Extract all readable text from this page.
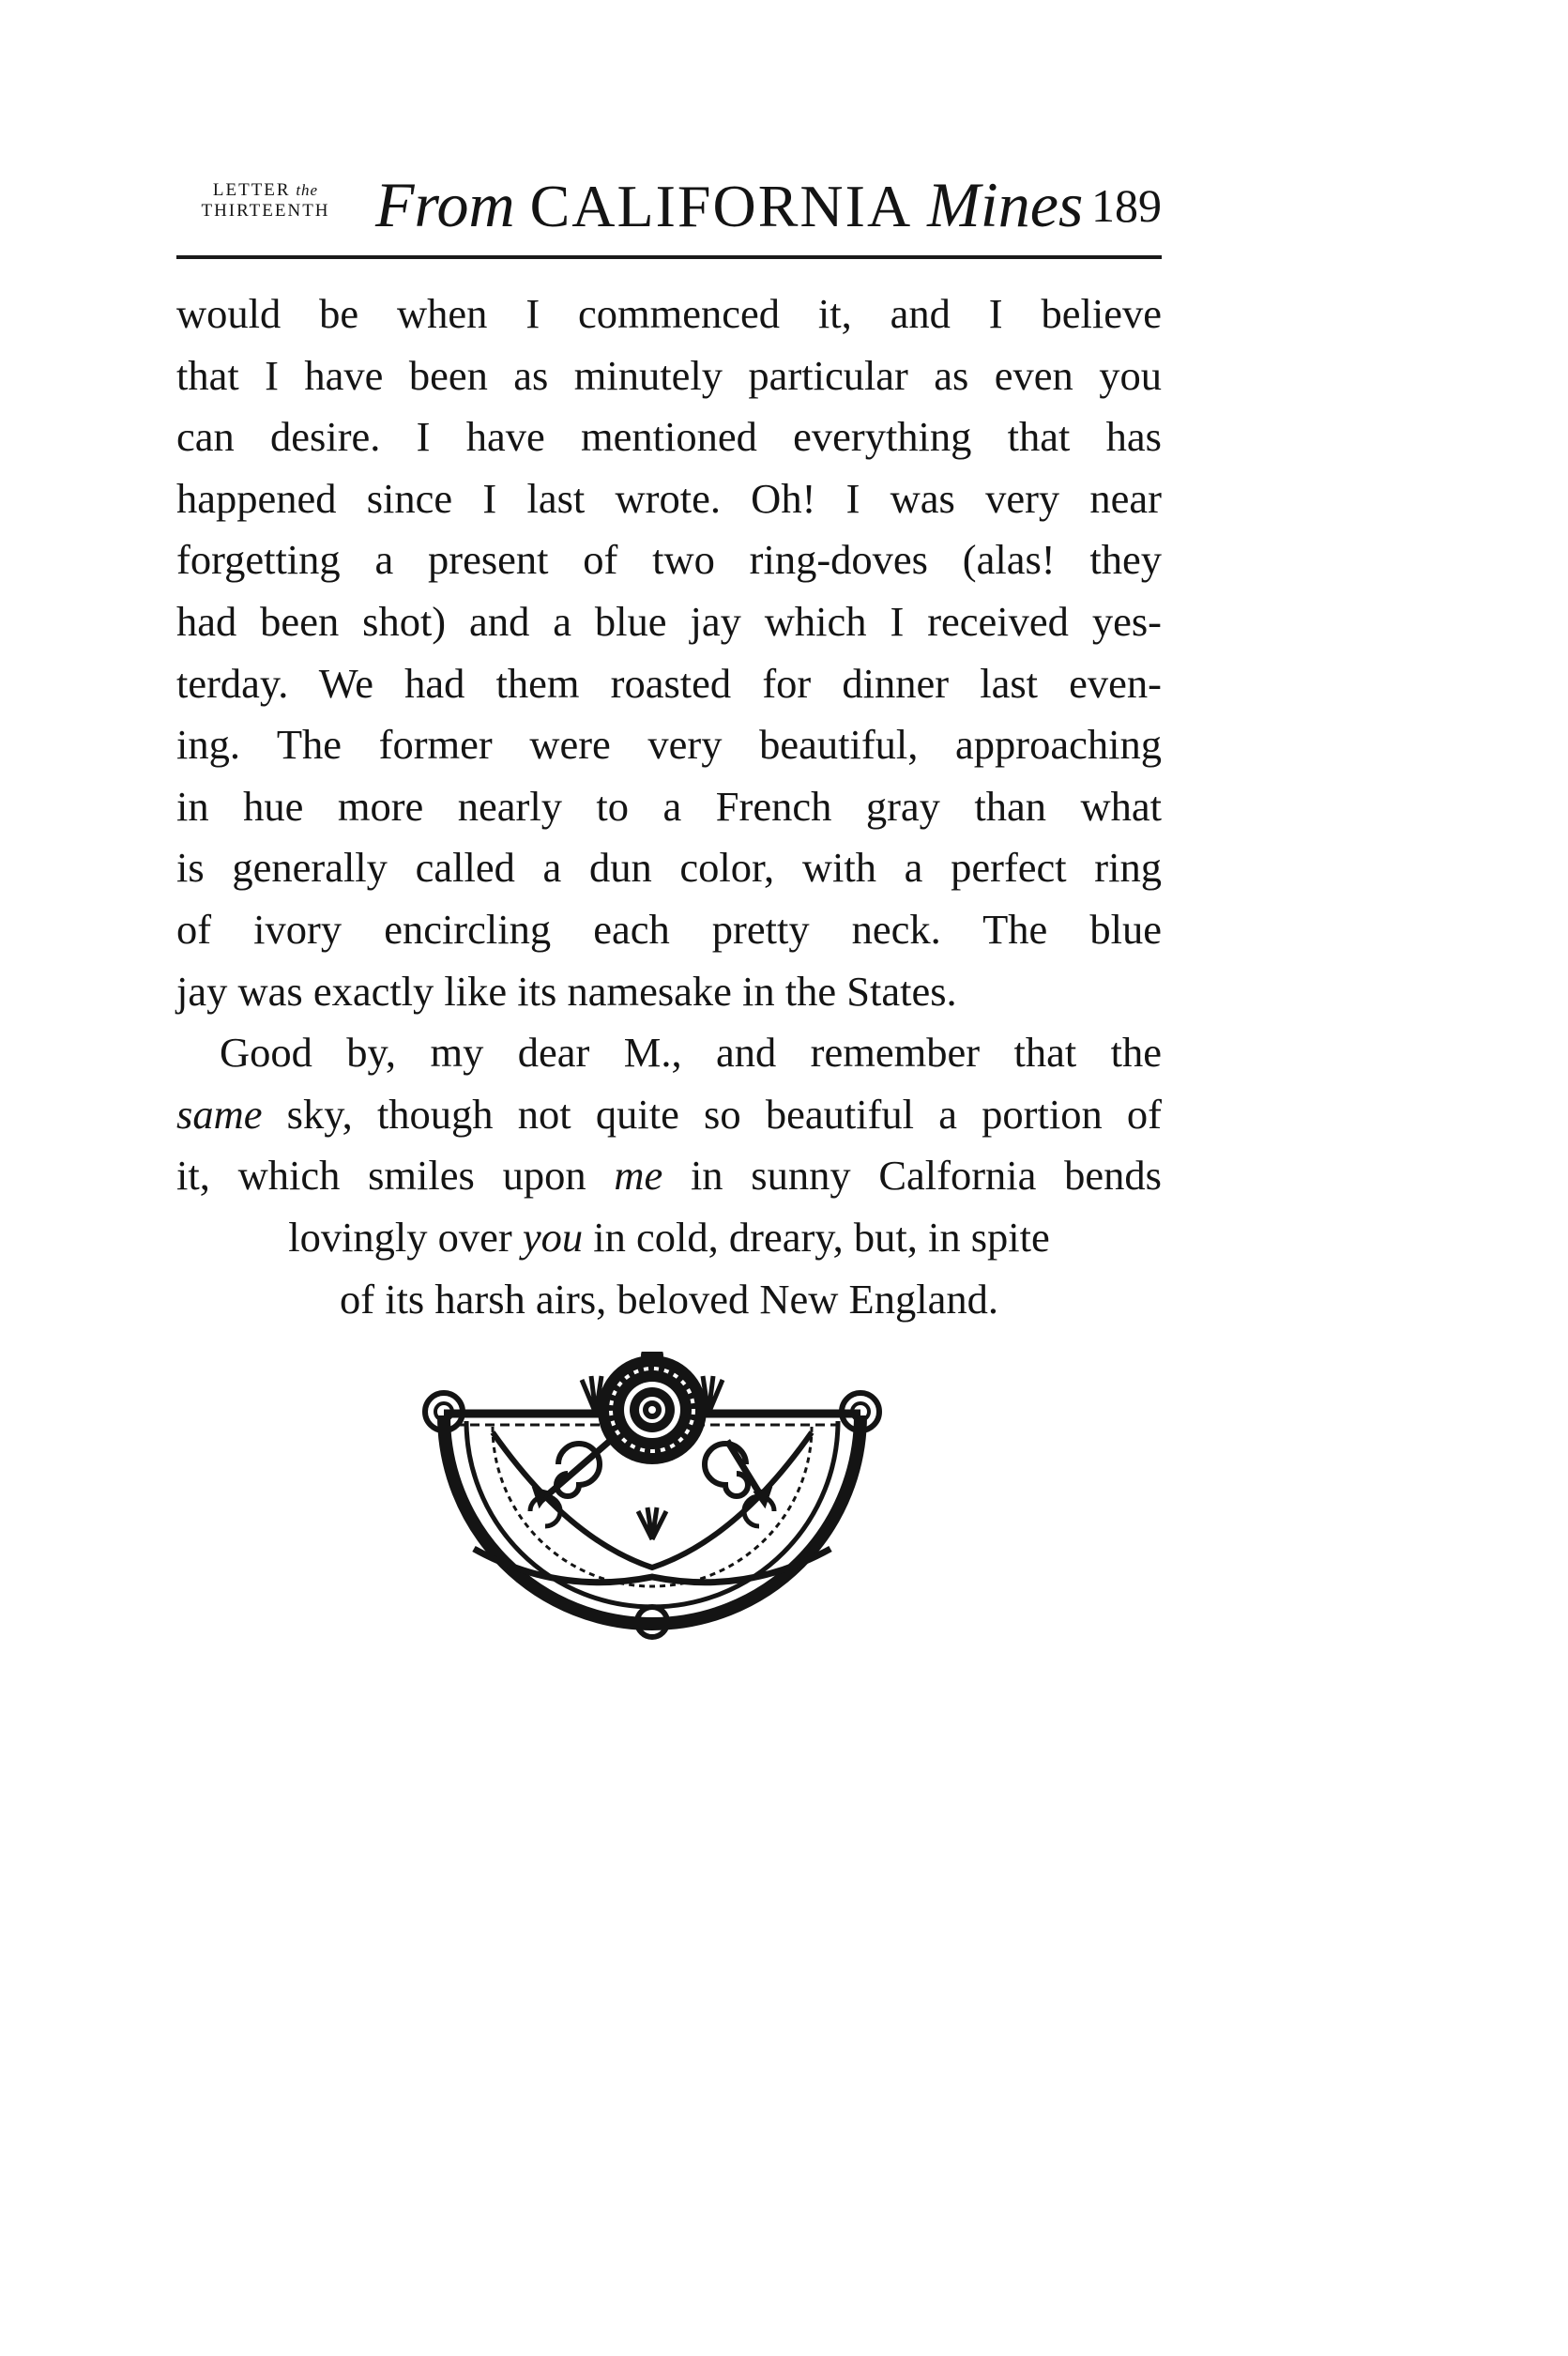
LETTER the
THIRTEENTH From CALIFORNIA Mines 189
would be when I commenced it, and I believe
that I have been as minutely particular as even you
can desire. I have mentioned everything that has
happened since I last wrote. Oh! I was very near
forgetting a present of two ring-doves (alas! they
had been shot) and a blue jay which I received yes-
terday. We had them roasted for dinner last even-
ing. The former were very beautiful, approaching
in hue more nearly to a French gray than what
is generally called a dun color, with a perfect ring
of ivory encircling each pretty neck. The blue
jay was exactly like its namesake in the States.
Good by, my dear M., and remember that the
same sky, though not quite so beautiful a portion of
it, which smiles upon me in sunny Calfornia bends
lovingly over you in cold, dreary, but, in spite
of its harsh airs, beloved New England.
